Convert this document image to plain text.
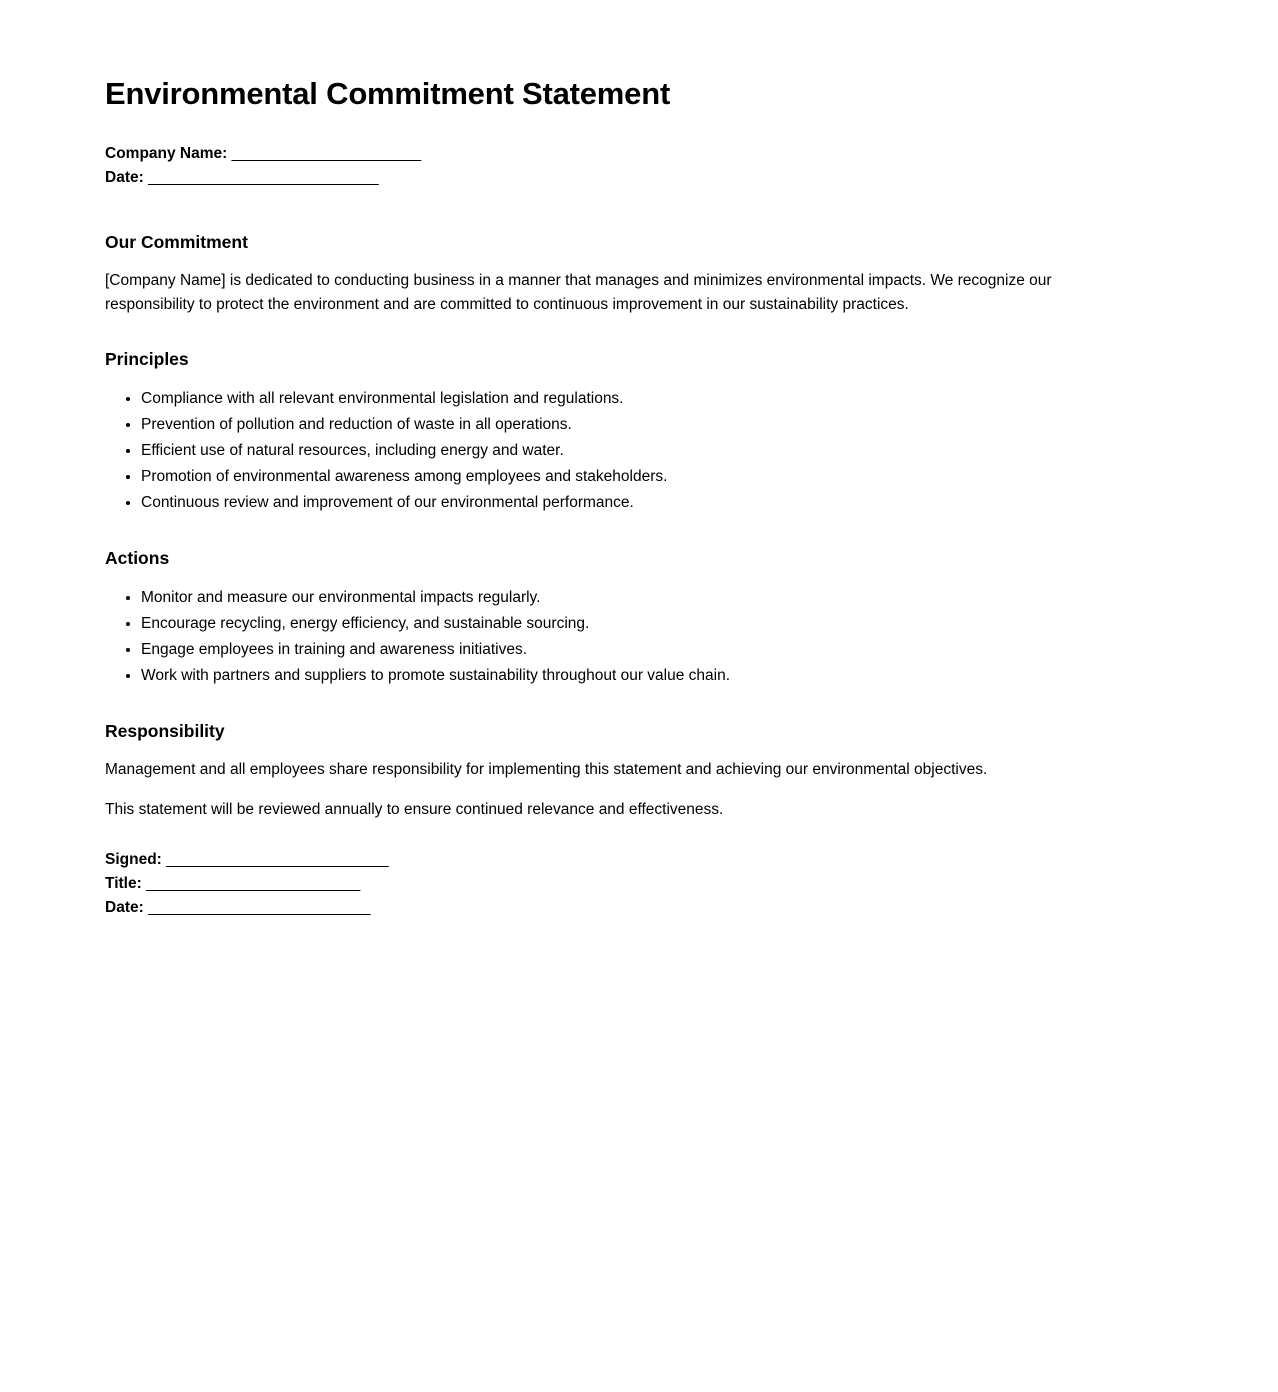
Environmental Commitment Statement
Company Name: _______________________
Date: ____________________________
Our Commitment

[Company Name] is dedicated to conducting business in a manner that manages and minimizes environmental impacts. We recognize our responsibility to protect the environment and are committed to continuous improvement in our sustainability practices.

Principles
• Compliance with all relevant environmental legislation and regulations.
• Prevention of pollution and reduction of waste in all operations.
• Efficient use of natural resources, including energy and water.
• Promotion of environmental awareness among employees and stakeholders.
• Continuous review and improvement of our environmental performance.
Actions
• Monitor and measure our environmental impacts regularly.
• Encourage recycling, energy efficiency, and sustainable sourcing.
• Engage employees in training and awareness initiatives.
• Work with partners and suppliers to promote sustainability throughout our value chain.
Responsibility

Management and all employees share responsibility for implementing this statement and achieving our environmental objectives.

This statement will be reviewed annually to ensure continued relevance and effectiveness.

Signed: ___________________________
Title: __________________________
Date: ___________________________
